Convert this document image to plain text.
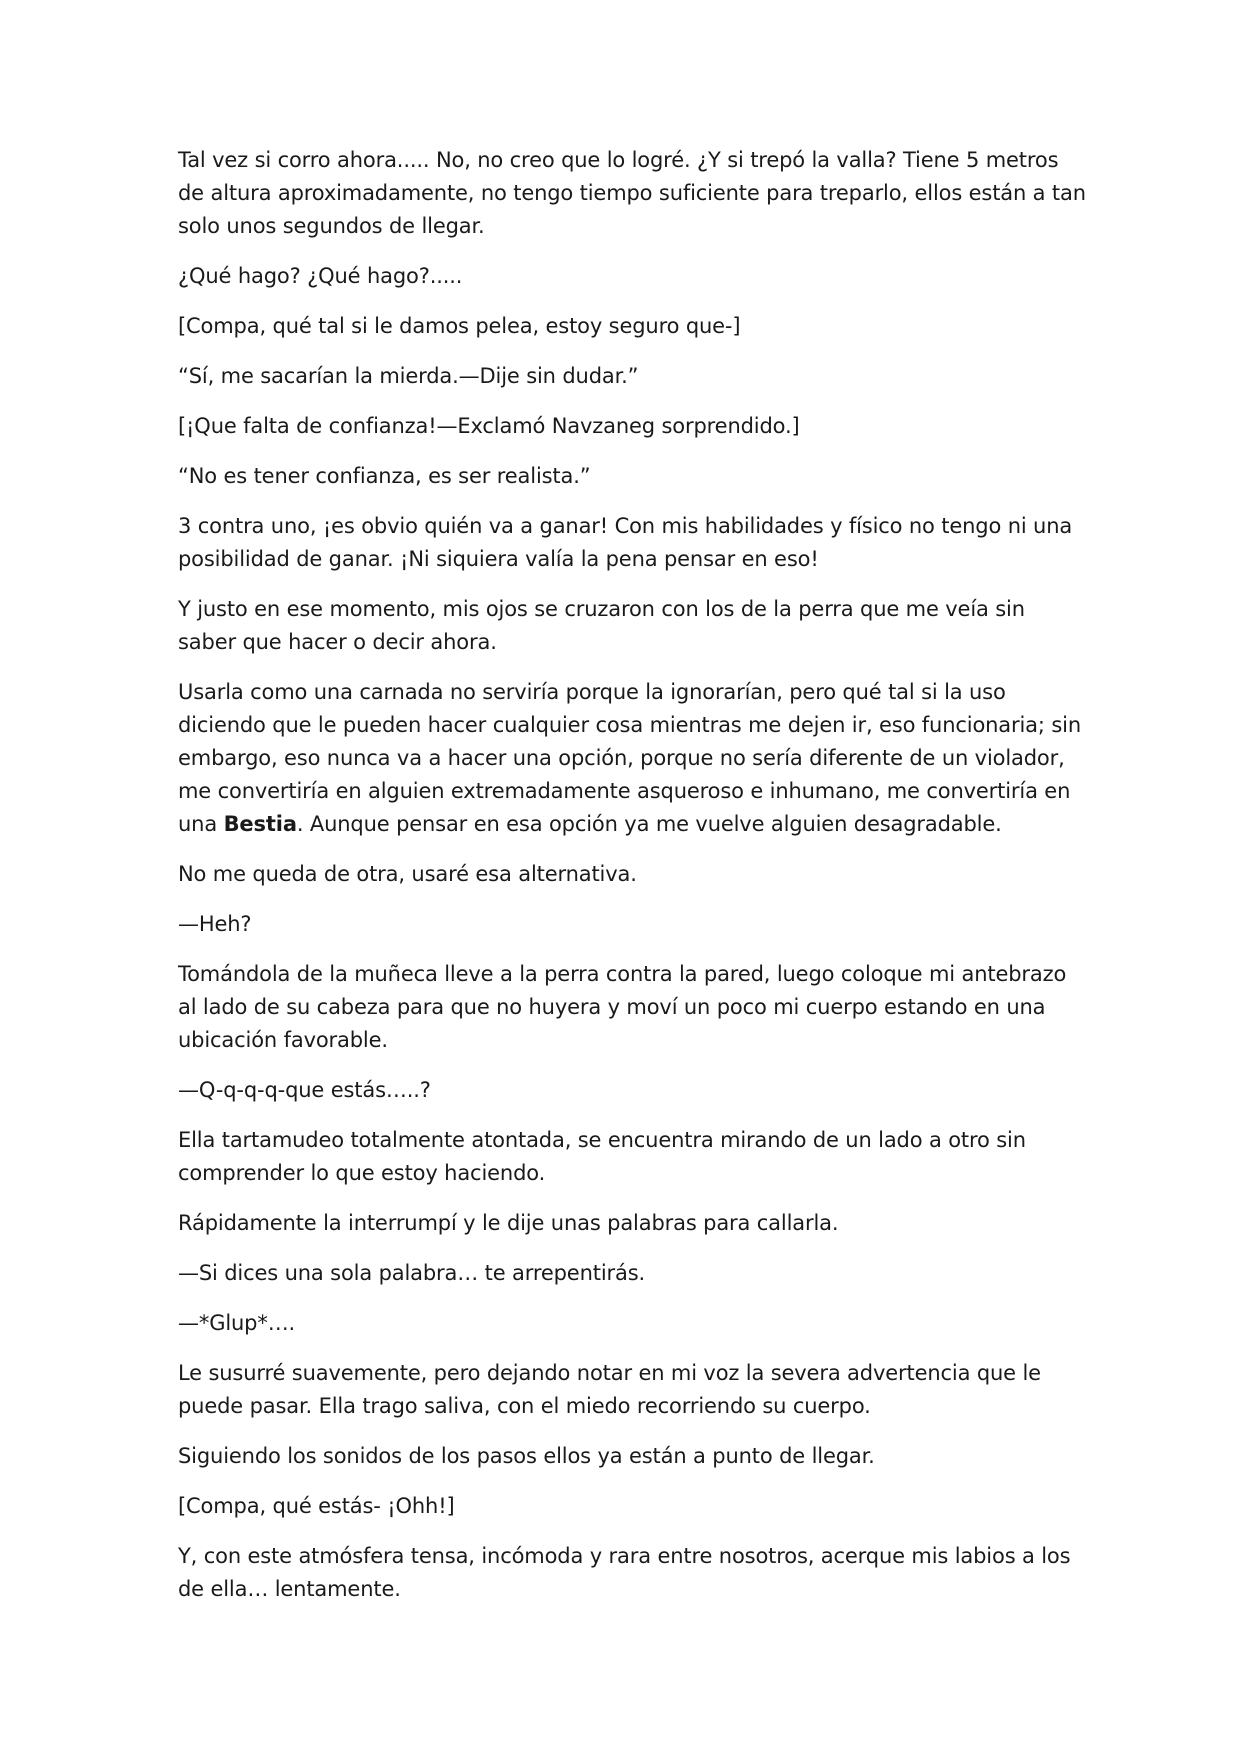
Tal vez si corro ahora..... No, no creo que lo logré. ¿Y si trepó la valla? Tiene 5 metros de altura aproximadamente, no tengo tiempo suficiente para treparlo, ellos están a tan solo unos segundos de llegar.

¿Qué hago? ¿Qué hago?.....

[Compa, qué tal si le damos pelea, estoy seguro que-]

“Sí, me sacarían la mierda.—Dije sin dudar.”

[¡Que falta de confianza!—Exclamó Navzaneg sorprendido.]

“No es tener confianza, es ser realista.”

3 contra uno, ¡es obvio quién va a ganar! Con mis habilidades y físico no tengo ni una posibilidad de ganar. ¡Ni siquiera valía la pena pensar en eso!

Y justo en ese momento, mis ojos se cruzaron con los de la perra que me veía sin saber que hacer o decir ahora.

Usarla como una carnada no serviría porque la ignorarían, pero qué tal si la uso diciendo que le pueden hacer cualquier cosa mientras me dejen ir, eso funcionaria; sin embargo, eso nunca va a hacer una opción, porque no sería diferente de un violador, me convertiría en alguien extremadamente asqueroso e inhumano, me convertiría en una Bestia. Aunque pensar en esa opción ya me vuelve alguien desagradable.

No me queda de otra, usaré esa alternativa.

—Heh?

Tomándola de la muñeca lleve a la perra contra la pared, luego coloque mi antebrazo al lado de su cabeza para que no huyera y moví un poco mi cuerpo estando en una ubicación favorable.

—Q-q-q-q-que estás…..?

Ella tartamudeo totalmente atontada, se encuentra mirando de un lado a otro sin comprender lo que estoy haciendo.

Rápidamente la interrumpí y le dije unas palabras para callarla.

—Si dices una sola palabra… te arrepentirás.

—*Glup*….

Le susurré suavemente, pero dejando notar en mi voz la severa advertencia que le puede pasar. Ella trago saliva, con el miedo recorriendo su cuerpo.

Siguiendo los sonidos de los pasos ellos ya están a punto de llegar.

[Compa, qué estás- ¡Ohh!]

Y, con este atmósfera tensa, incómoda y rara entre nosotros, acerque mis labios a los de ella… lentamente.
